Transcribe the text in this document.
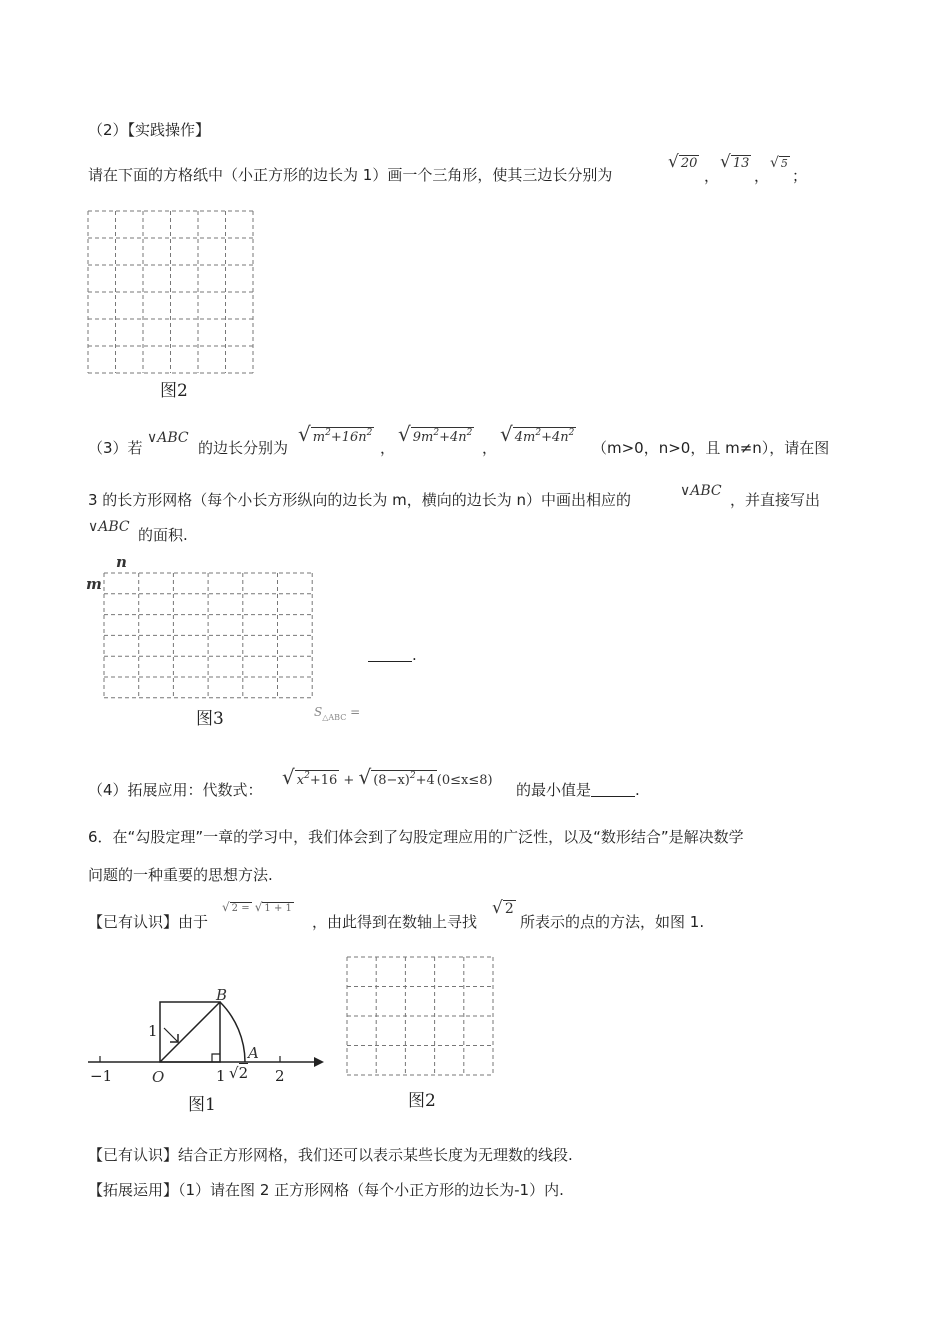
（2）【实践操作】
请在下面的方格纸中（小正方形的边长为 1）画一个三角形，使其三边长分别为
√ 20
，
√ 13
，
√ 5
；
图2
（3）若
∨ABC
的边长分别为
√ $m^2+16n^2$
，
√ $9m^2+4n^2$
，
√ $4m^2+4n^2$
（m>0，n>0，且 m≠n），请在图
3 的长方形网格（每个小长方形纵向的边长为 m，横向的边长为 n）中画出相应的	∨ABC ，并直接写出
∨ABC 的面积.
n
m
图3
.
$S_{\triangle ABC}$ =
（4）拓展应用：代数式：
√ $x^2+16$ + √ $(8-x)^2+4$ (0≤x≤8)
的最小值是	.
6．在“勾股定理”一章的学习中，我们体会到了勾股定理应用的广泛性，以及“数形结合”是解决数学
问题的一种重要的思想方法.
【已有认识】由于
√ 2 = √ 1 + 1
，由此得到在数轴上寻找
√ 2
所表示的点的方法，如图 1.
B
A
O
1
−1	1 √2 2
图1	图2
【已有认识】结合正方形网格，我们还可以表示某些长度为无理数的线段.
【拓展运用】（1）请在图 2 正方形网格（每个小正方形的边长为-1）内.
